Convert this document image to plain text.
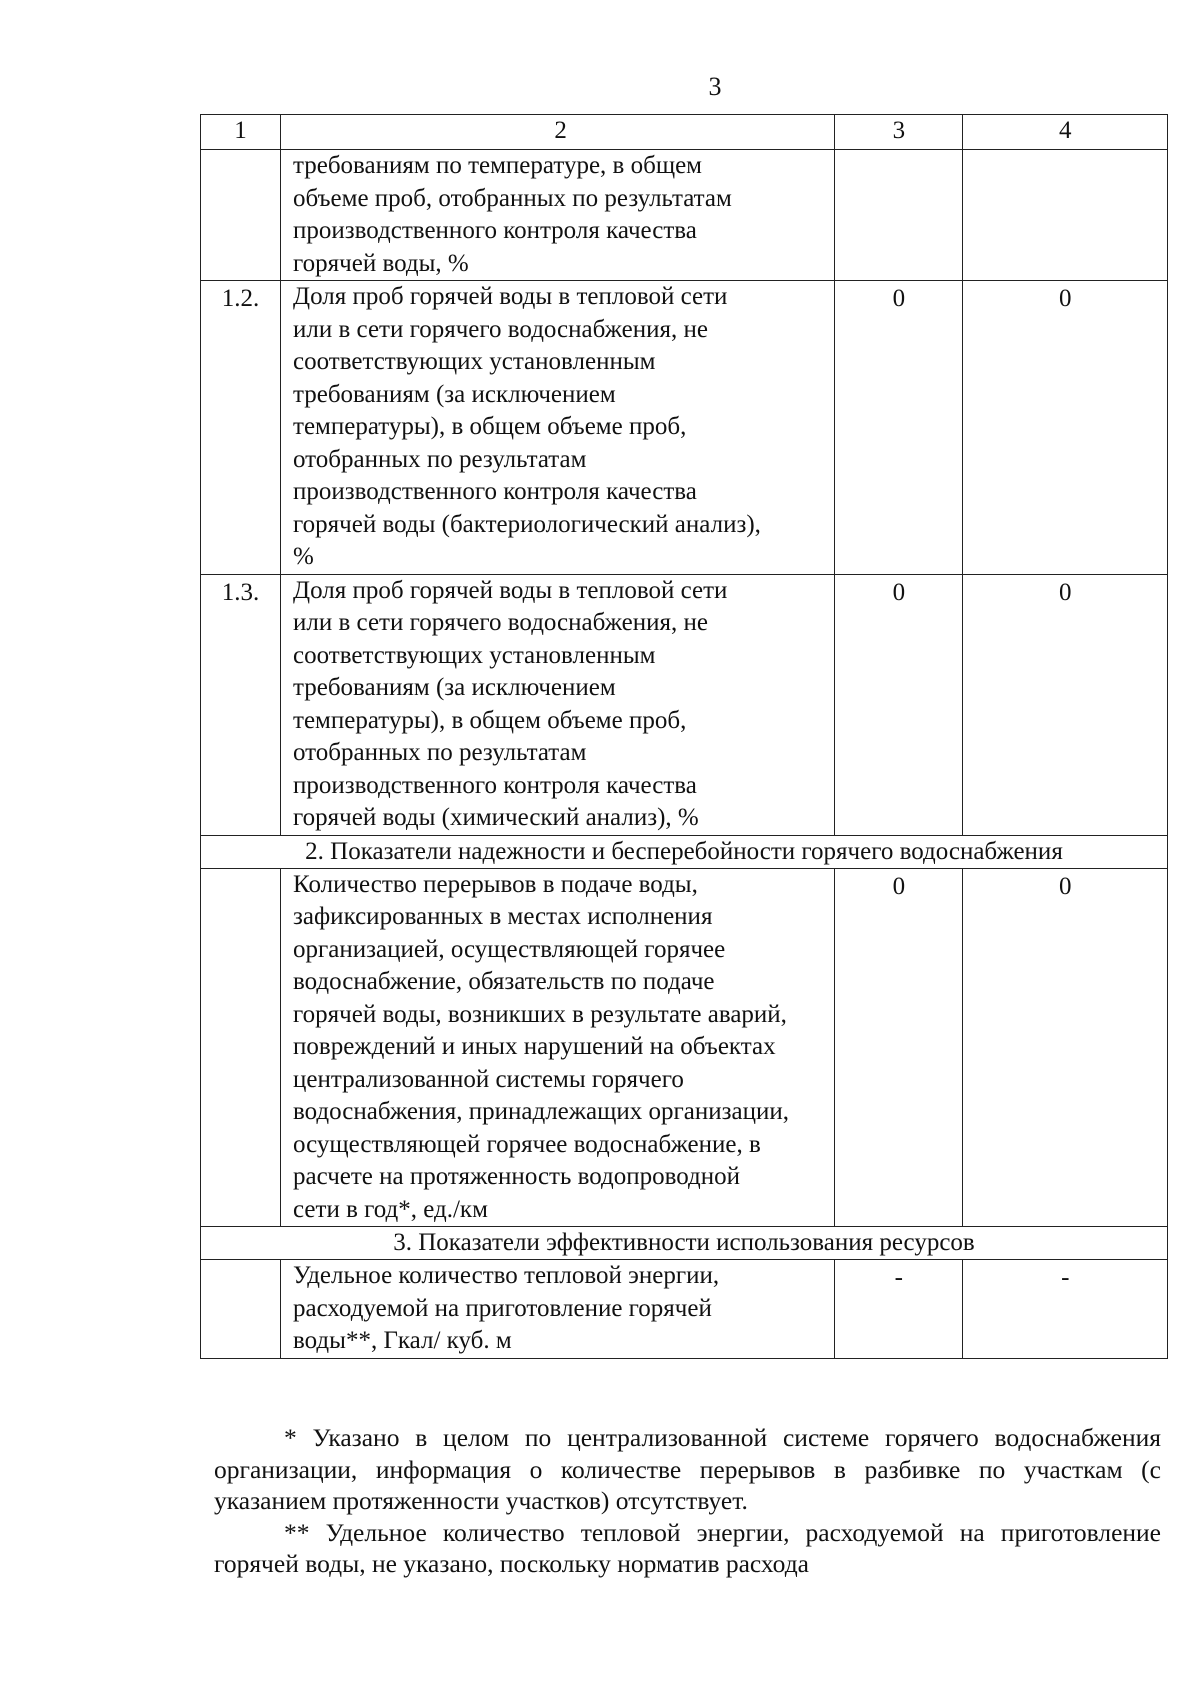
3
1	2	3	4

	требованиям по температуре, в общем объеме проб, отобранных по результатам производственного контроля качества горячей воды, %		

1.2.	Доля проб горячей воды в тепловой сети или в сети горячего водоснабжения, не соответствующих установленным требованиям (за исключением температуры), в общем объеме проб, отобранных по результатам производственного контроля качества горячей воды (бактериологический анализ), %	0	0
1.3.	Доля проб горячей воды в тепловой сети или в сети горячего водоснабжения, не соответствующих установленным требованиям (за исключением температуры), в общем объеме проб, отобранных по результатам производственного контроля качества горячей воды (химический анализ), %	0	0
2. Показатели надежности и бесперебойности горячего водоснабжения			

	Количество перерывов в подаче воды, зафиксированных в местах исполнения организацией, осуществляющей горячее водоснабжение, обязательств по подаче горячей воды, возникших в результате аварий, повреждений и иных нарушений на объектах централизованной системы горячего водоснабжения, принадлежащих организации, осуществляющей горячее водоснабжение, в расчете на протяженность водопроводной сети в год*, ед./км	0	0
3. Показатели эффективности использования ресурсов			

	Удельное количество тепловой энергии, расходуемой на приготовление горячей воды**, Гкал/ куб. м	-	-

* Указано в целом по централизованной системе горячего водоснабжения организации, информация о количестве перерывов в разбивке по участкам (с указанием протяженности участков) отсутствует.

** Удельное количество тепловой энергии, расходуемой на приготовление горячей воды, не указано, поскольку норматив расхода
